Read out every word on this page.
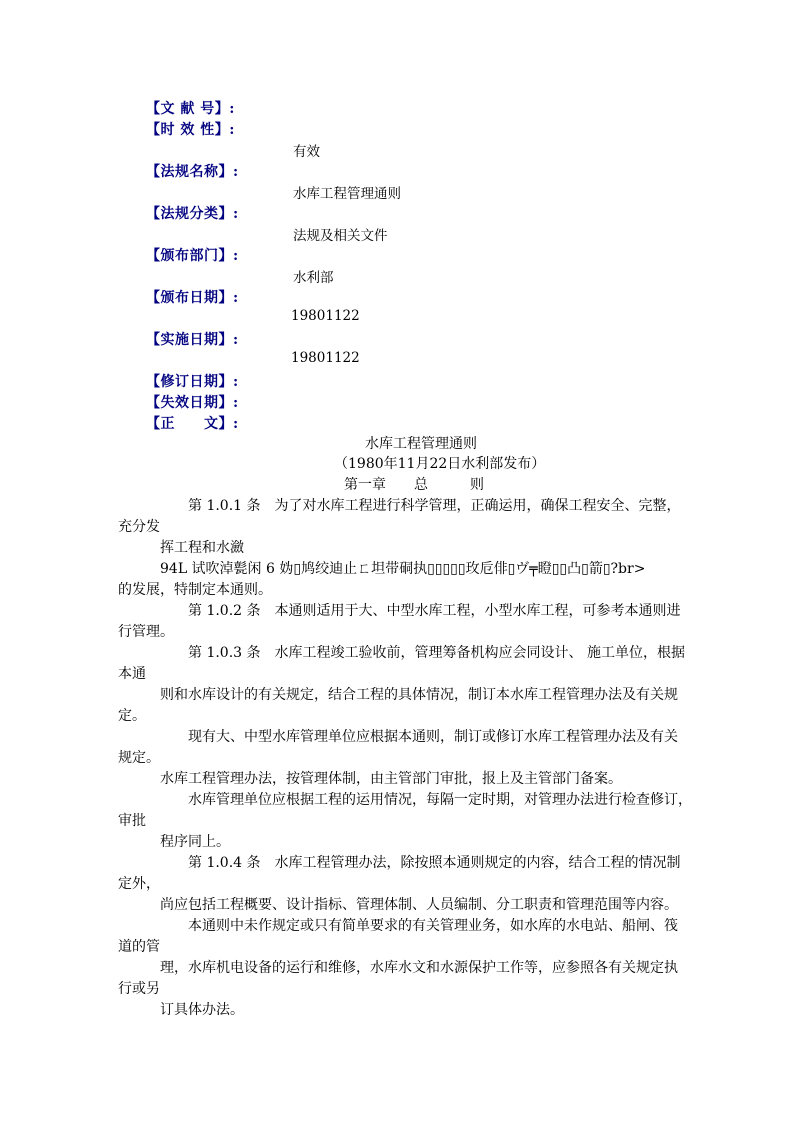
【文 献 号】:
【时 效 性】:
有效
【法规名称】:
水库工程管理通则
【法规分类】:
法规及相关文件
【颁布部门】:
水利部
【颁布日期】:
19801122
【实施日期】:
19801122
【修订日期】:
【失效日期】:
【正　　文】:
水库工程管理通则
（1980年11月22日水利部发布）
第一章　　总　　　则
第 1.0.1 条　为了对水库工程进行科学管理，正确运用，确保工程安全、完整，
充分发
挥工程和水瀲
94L 试吹淖甏闲 6 妫▯鸠绞迪止ㄈ坦带硐执▯▯▯▯▯玫卮俳▯ヴ╤瞪▯▯凸▯箭▯?br>
的发展，特制定本通则。
第 1.0.2 条　本通则适用于大、中型水库工程，小型水库工程，可参考本通则进
行管理。
第 1.0.3 条　水库工程竣工验收前，管理筹备机构应会同设计、 施工单位，根据
本通
则和水库设计的有关规定，结合工程的具体情况，制订本水库工程管理办法及有关规
定。
现有大、中型水库管理单位应根据本通则，制订或修订水库工程管理办法及有关
规定。
水库工程管理办法，按管理体制，由主管部门审批，报上及主管部门备案。
水库管理单位应根据工程的运用情况，每隔一定时期，对管理办法进行检查修订，
审批
程序同上。
第 1.0.4 条　水库工程管理办法，除按照本通则规定的内容，结合工程的情况制
定外，
尚应包括工程概要、设计指标、管理体制、人员编制、分工职责和管理范围等内容。
本通则中未作规定或只有简单要求的有关管理业务，如水库的水电站、船闸、筏
道的管
理，水库机电设备的运行和维修，水库水文和水源保护工作等，应参照各有关规定执
行或另
订具体办法。
